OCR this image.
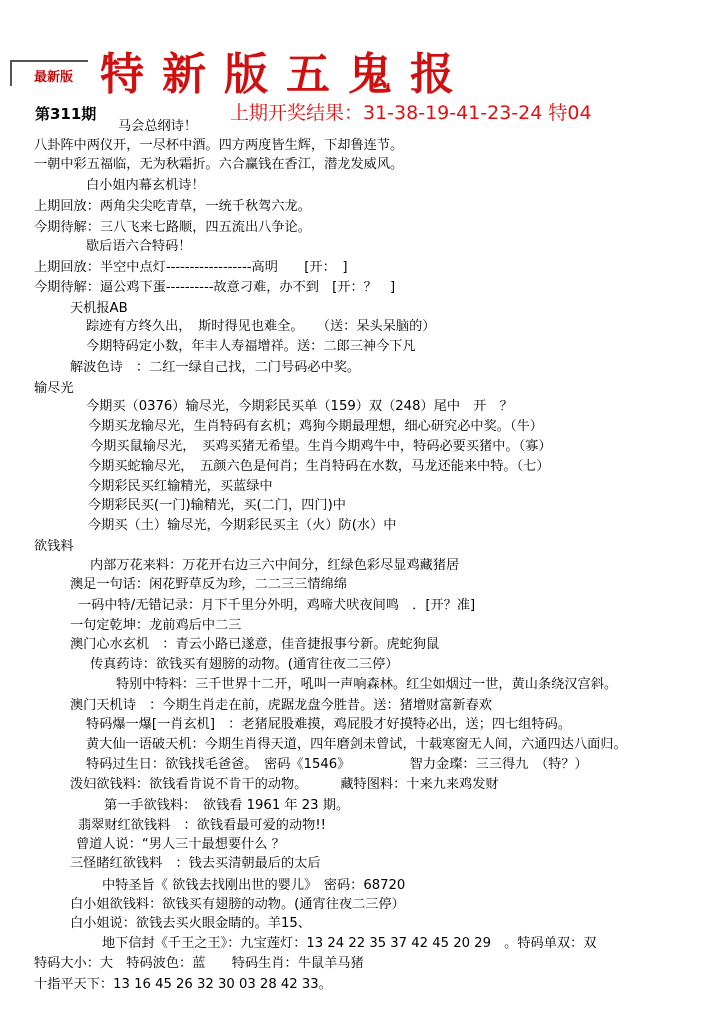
最新版 特新版五鬼报
第311期	上期开奖结果：31-38-19-41-23-24 特04
马会总纲诗！
八卦阵中两仪开，一尽杯中酒。四方两度皆生辉，下却鲁连节。
一朝中彩五福临，无为秋霜折。六合赢钱在香江，潜龙发威风。
白小姐内幕玄机诗！
上期回放：两角尖尖吃青草，一统千秋驾六龙。
今期待解：三八飞来七路顺，四五流出八争论。
歇后语六合特码！
上期回放：半空中点灯------------------高明　　[开：　]
今期待解：逼公鸡下蛋----------故意刁难，办不到　[开：？　]
天机报AB
踪迹有方终久出，　斯时得见也难全。　　（送：呆头呆脑的）
今期特码定小数，年丰人寿福增祥。送：二郎三神今下凡
解波色诗　：二红一绿自己找，二门号码必中奖。
输尽光
今期买（0376）输尽光，今期彩民买单（159）双（248）尾中　开　？
今期买龙输尽光，生肖特码有玄机；鸡狗今期最理想，细心研究必中奖。（牛）
今期买鼠输尽光，　买鸡买猪无希望。生肖今期鸡牛中，特码必要买猪中。（寡）
今期买蛇输尽光，　五颜六色是何肖；生肖特码在水数，马龙还能来中特。（七）
今期彩民买红输精光，买蓝绿中
今期彩民买(一门)输精光，买(二门，四门)中
今期买（土）输尽光，今期彩民买主（火）防(水）中
欲钱料
内部万花来料：万花开右边三六中间分，红绿色彩尽显鸡藏猪居
澳足一句话：闲花野草反为珍，二二三三情绵绵
一码中特/无错记录：月下千里分外明，鸡啼犬吠夜间鸣　．[开？准]
一句定乾坤：龙前鸡后中二三
澳门心水玄机　：青云小路已遂意，佳音捷报事兮新。虎蛇狗鼠
传真药诗：欲钱买有翅膀的动物。(通宵往夜二三停）
特别中特料：三千世界十二开，吼叫一声响森林。红尘如烟过一世，黄山条绕汉宫斜。
澳门天机诗　：今期生肖走在前，虎踞龙盘今胜昔。送：猪增财富新春欢
特码爆一爆[一肖玄机]　：老猪屁股难摸，鸡屁股才好摸特必出，送；四七组特码。
黄大仙一语破天机：今期生肖得天道，四年磨剑未曾试，十载寒窗无人间，六通四达八面归。
特码过生日：欲钱找毛爸爸。　密码《1546》　　　　　智力金璨：三三得九　（特？）
泼妇欲钱料：欲钱看肯说不肯干的动物。　　　藏特图料：十来九来鸡发财
第一手欲钱料：　欲钱看 1961 年 23 期。
翡翠财红欲钱料　：欲钱看最可爱的动物!!
曾道人说：“男人三十最想要什么 ？
三怪睹红欲钱料　：钱去买清朝最后的太后
中特圣旨《 欲钱去找刚出世的婴儿》　密码：68720
白小姐欲钱料：欲钱买有翅膀的动物。(通宵往夜二三停）
白小姐说：欲钱去买火眼金睛的。羊15、
地下信封《千王之王》：九宝莲灯：13 24 22 35 37 42 45 20 29　。特码单双：双
特码大小：大　特码波色：蓝　　特码生肖：牛鼠羊马猪
十指平天下：13 16 45 26 32 30 03 28 42 33。
